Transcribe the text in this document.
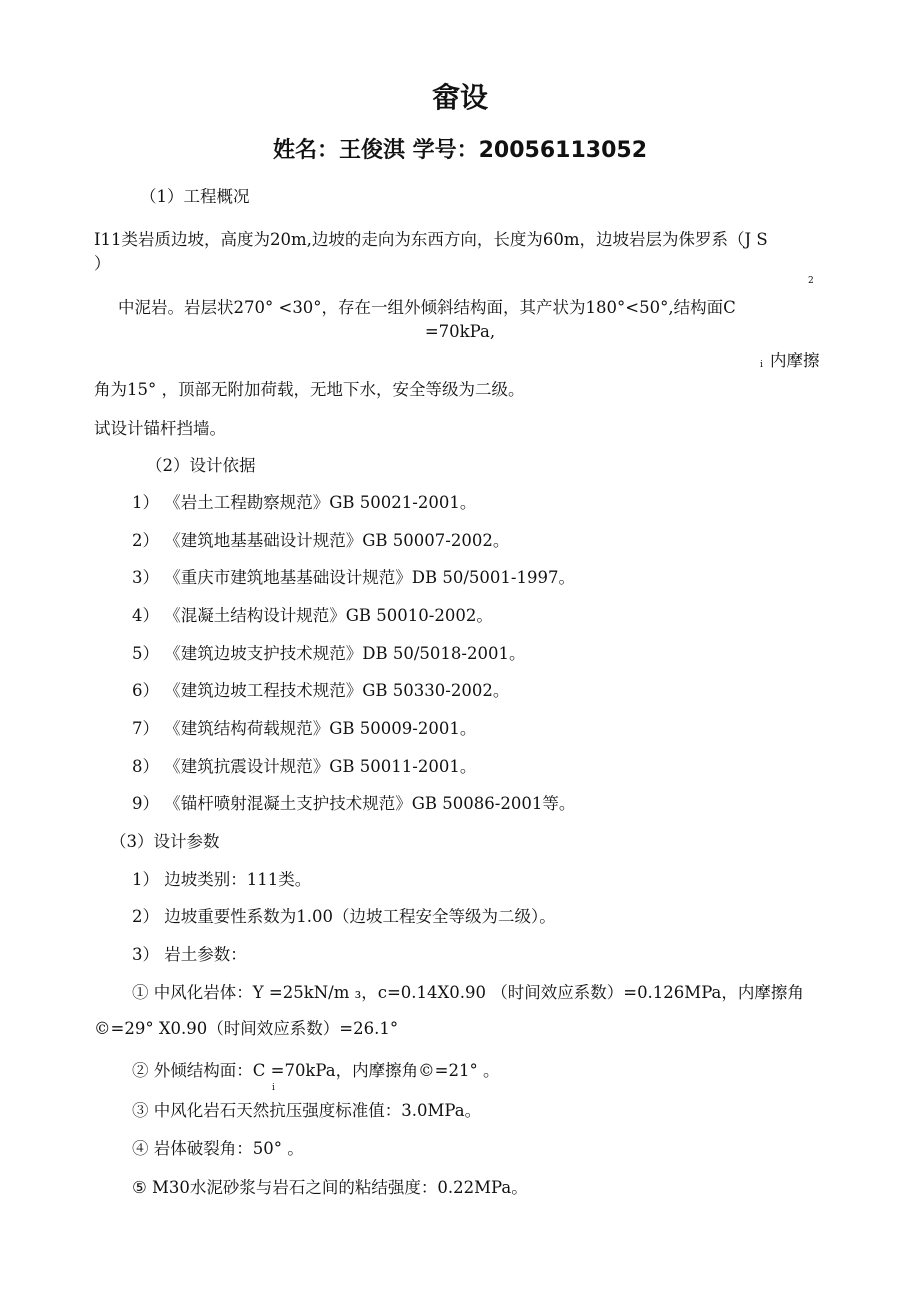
畲设
姓名：王俊淇 学号：20056113052
（1）工程概况
I11类岩质边坡，高度为20m,边坡的走向为东西方向，长度为60m，边坡岩层为侏罗系（J S
）
2
中泥岩。岩层状270° <30°，存在一组外倾斜结构面，其产状为180°<50°,结构面C
=70kPa,
i 内摩擦
角为15° ，顶部无附加荷载，无地下水，安全等级为二级。
试设计锚杆挡墙。
（2）设计依据
1） 《岩土工程勘察规范》GB 50021-2001。
2） 《建筑地基基础设计规范》GB 50007-2002。
3） 《重庆市建筑地基基础设计规范》DB 50/5001-1997。
4） 《混凝土结构设计规范》GB 50010-2002。
5） 《建筑边坡支护技术规范》DB 50/5018-2001。
6） 《建筑边坡工程技术规范》GB 50330-2002。
7） 《建筑结构荷载规范》GB 50009-2001。
8） 《建筑抗震设计规范》GB 50011-2001。
9） 《锚杆喷射混凝土支护技术规范》GB 50086-2001等。
（3）设计参数
1） 边坡类别：111类。
2） 边坡重要性系数为1.00（边坡工程安全等级为二级）。
3） 岩土参数：
① 中风化岩体：Y =25kN/m ₃，c=0.14X0.90 （时间效应系数）=0.126MPa，内摩擦角
©=29° X0.90（时间效应系数）=26.1°
② 外倾结构面：C =70kPa，内摩擦角©=21° 。
i
③ 中风化岩石天然抗压强度标准值：3.0MPa。
④ 岩体破裂角：50° 。
⑤ M30水泥砂浆与岩石之间的粘结强度：0.22MPa。
